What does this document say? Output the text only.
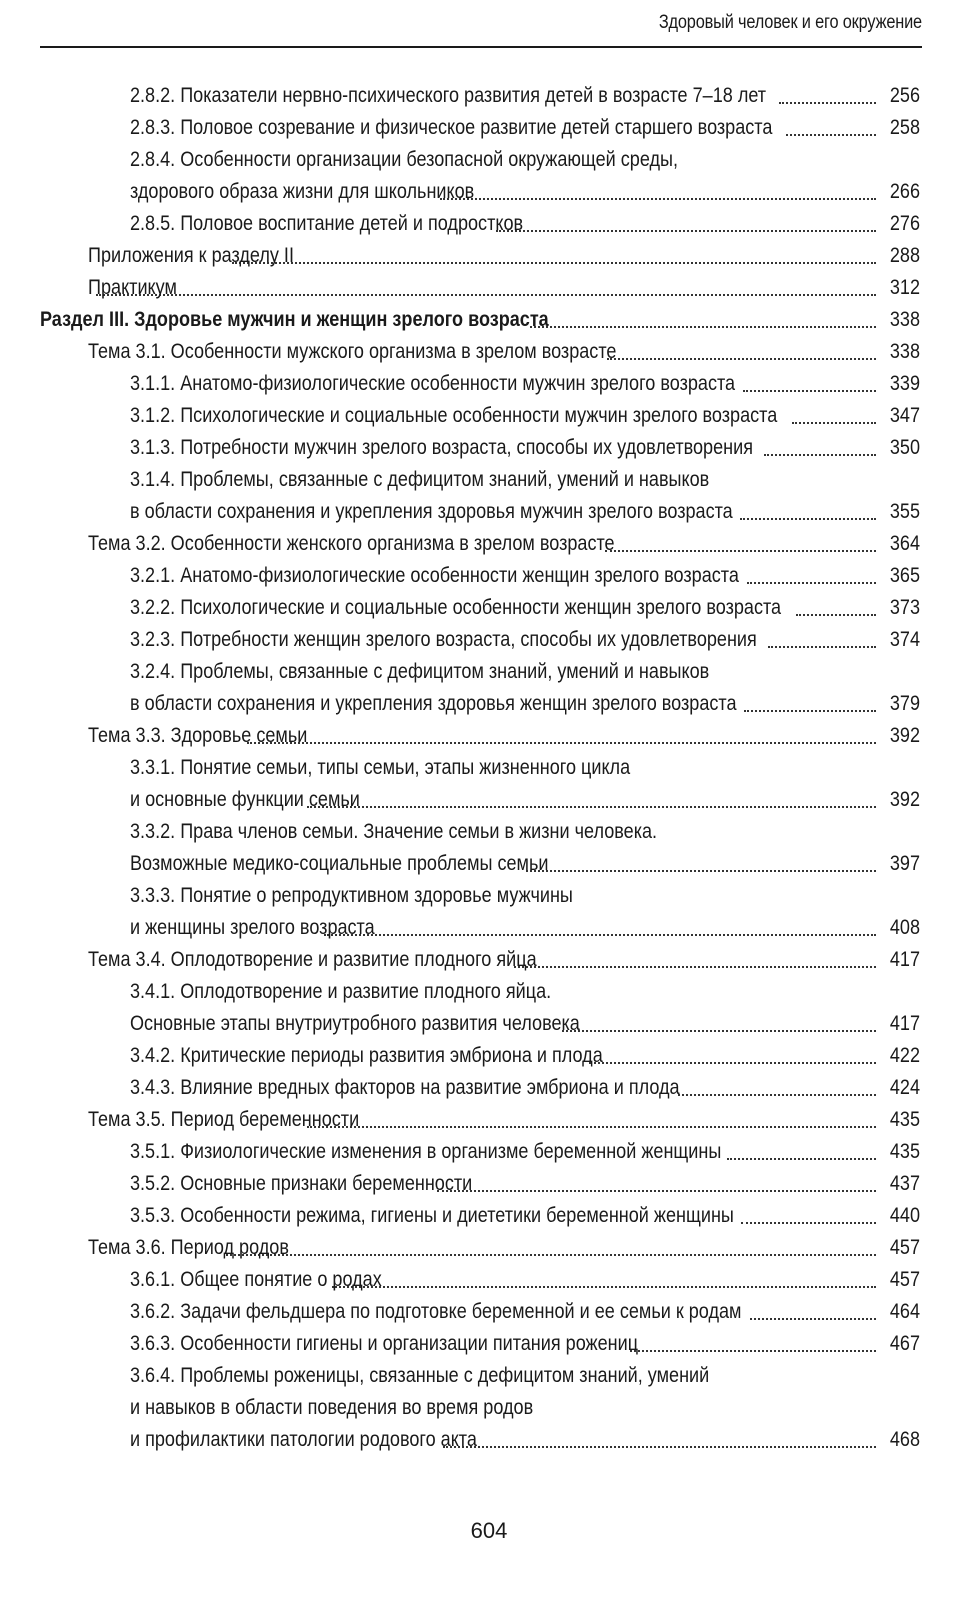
Здоровый человек и его окружение
2.8.2. Показатели нервно-психического развития детей в возрасте 7–18 лет	256
2.8.3. Половое созревание и физическое развитие детей старшего возраста	258
2.8.4. Особенности организации безопасной окружающей среды,
здорового образа жизни для школьников	266
2.8.5. Половое воспитание детей и подростков	276
Приложения к разделу II	288
Практикум	312
Раздел III. Здоровье мужчин и женщин зрелого возраста	338
Тема 3.1. Особенности мужского организма в зрелом возрасте	338
3.1.1. Анатомо-физиологические особенности мужчин зрелого возраста	339
3.1.2. Психологические и социальные особенности мужчин зрелого возраста	347
3.1.3. Потребности мужчин зрелого возраста, способы их удовлетворения	350
3.1.4. Проблемы, связанные с дефицитом знаний, умений и навыков
в области сохранения и укрепления здоровья мужчин зрелого возраста	355
Тема 3.2. Особенности женского организма в зрелом возрасте	364
3.2.1. Анатомо-физиологические особенности женщин зрелого возраста	365
3.2.2. Психологические и социальные особенности женщин зрелого возраста	373
3.2.3. Потребности женщин зрелого возраста, способы их удовлетворения	374
3.2.4. Проблемы, связанные с дефицитом знаний, умений и навыков
в области сохранения и укрепления здоровья женщин зрелого возраста	379
Тема 3.3. Здоровье семьи	392
3.3.1. Понятие семьи, типы семьи, этапы жизненного цикла
и основные функции семьи	392
3.3.2. Права членов семьи. Значение семьи в жизни человека.
Возможные медико-социальные проблемы семьи	397
3.3.3. Понятие о репродуктивном здоровье мужчины
и женщины зрелого возраста	408
Тема 3.4. Оплодотворение и развитие плодного яйца	417
3.4.1. Оплодотворение и развитие плодного яйца.
Основные этапы внутриутробного развития человека	417
3.4.2. Критические периоды развития эмбриона и плода	422
3.4.3. Влияние вредных факторов на развитие эмбриона и плода	424
Тема 3.5. Период беременности	435
3.5.1. Физиологические изменения в организме беременной женщины	435
3.5.2. Основные признаки беременности	437
3.5.3. Особенности режима, гигиены и диететики беременной женщины	440
Тема 3.6. Период родов	457
3.6.1. Общее понятие о родах	457
3.6.2. Задачи фельдшера по подготовке беременной и ее семьи к родам	464
3.6.3. Особенности гигиены и организации питания рожениц	467
3.6.4. Проблемы роженицы, связанные с дефицитом знаний, умений
и навыков в области поведения во время родов
и профилактики патологии родового акта	468
604
